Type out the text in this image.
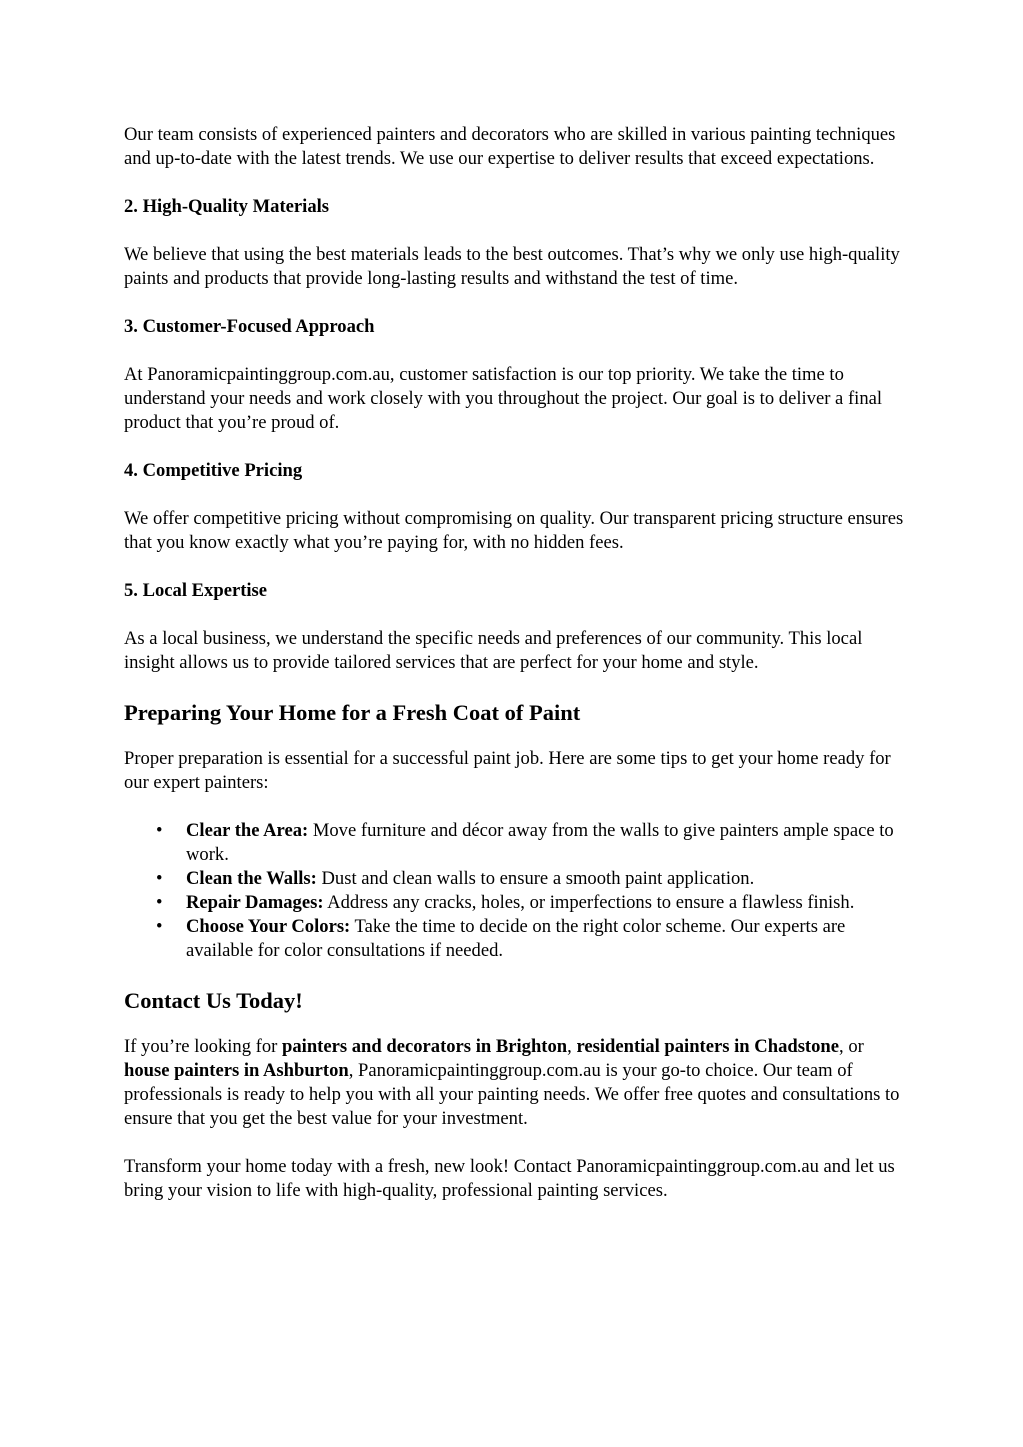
Our team consists of experienced painters and decorators who are skilled in various painting techniques and up-to-date with the latest trends. We use our expertise to deliver results that exceed expectations.

2. High-Quality Materials

We believe that using the best materials leads to the best outcomes. That’s why we only use high-quality paints and products that provide long-lasting results and withstand the test of time.

3. Customer-Focused Approach

At Panoramicpaintinggroup.com.au, customer satisfaction is our top priority. We take the time to understand your needs and work closely with you throughout the project. Our goal is to deliver a final product that you’re proud of.

4. Competitive Pricing

We offer competitive pricing without compromising on quality. Our transparent pricing structure ensures that you know exactly what you’re paying for, with no hidden fees.

5. Local Expertise

As a local business, we understand the specific needs and preferences of our community. This local insight allows us to provide tailored services that are perfect for your home and style.

Preparing Your Home for a Fresh Coat of Paint

Proper preparation is essential for a successful paint job. Here are some tips to get your home ready for our expert painters:

• Clear the Area: Move furniture and décor away from the walls to give painters ample space to work.
• Clean the Walls: Dust and clean walls to ensure a smooth paint application.
• Repair Damages: Address any cracks, holes, or imperfections to ensure a flawless finish.
• Choose Your Colors: Take the time to decide on the right color scheme. Our experts are available for color consultations if needed.
Contact Us Today!

If you’re looking for painters and decorators in Brighton, residential painters in Chadstone, or house painters in Ashburton, Panoramicpaintinggroup.com.au is your go-to choice. Our team of professionals is ready to help you with all your painting needs. We offer free quotes and consultations to ensure that you get the best value for your investment.

Transform your home today with a fresh, new look! Contact Panoramicpaintinggroup.com.au and let us bring your vision to life with high-quality, professional painting services.
